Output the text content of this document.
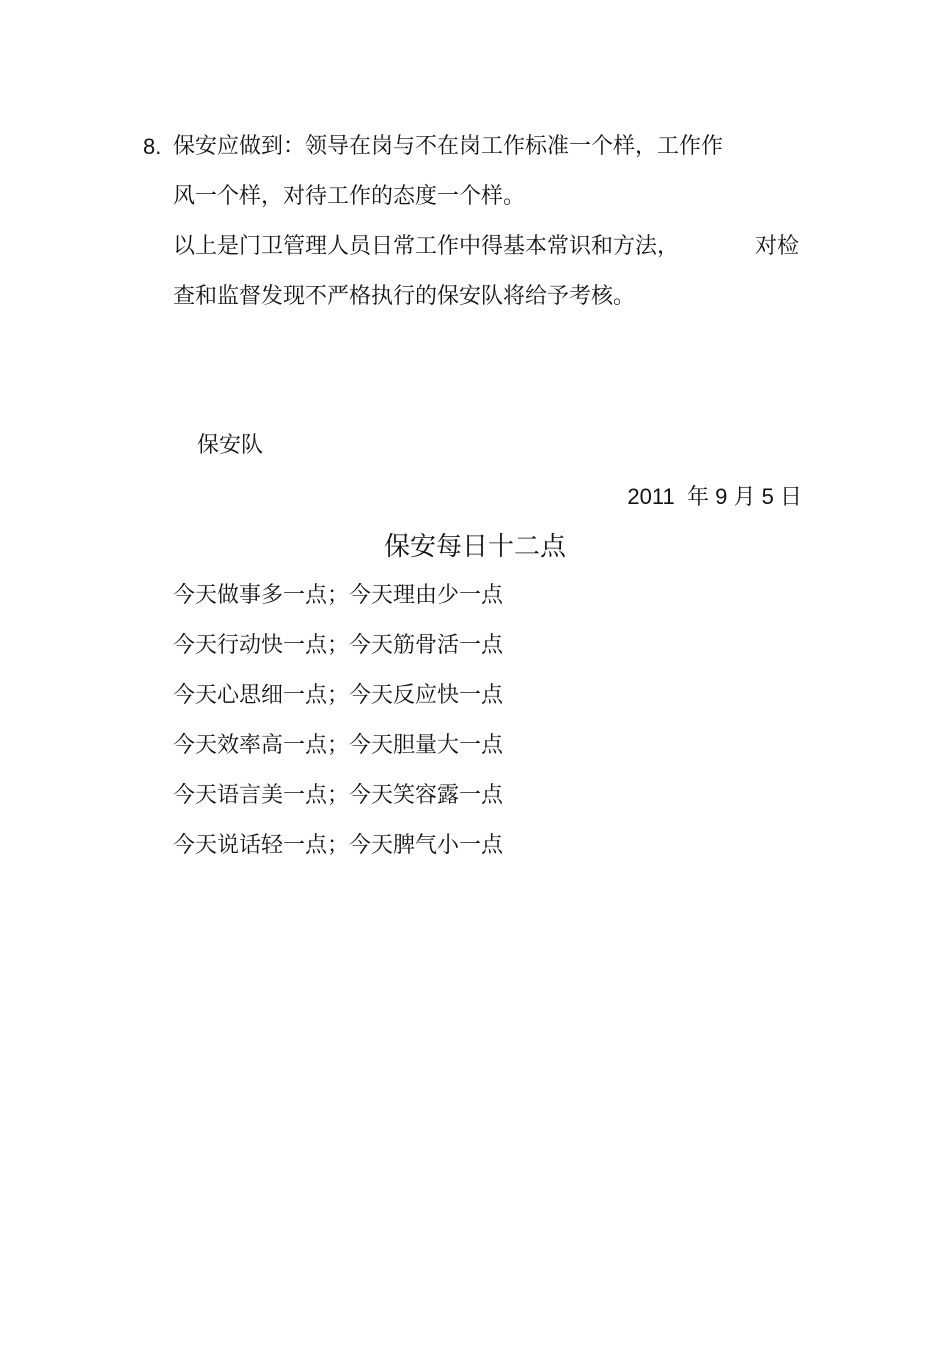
8. 保安应做到：领导在岗与不在岗工作标准一个样，工作作
风一个样，对待工作的态度一个样。
以上是门卫管理人员日常工作中得基本常识和方法，	对检
查和监督发现不严格执行的保安队将给予考核。
保安队
2011 年 9 月 5 日
保安每日十二点
今天做事多一点；今天理由少一点
今天行动快一点；今天筋骨活一点
今天心思细一点；今天反应快一点
今天效率高一点；今天胆量大一点
今天语言美一点；今天笑容露一点
今天说话轻一点；今天脾气小一点
